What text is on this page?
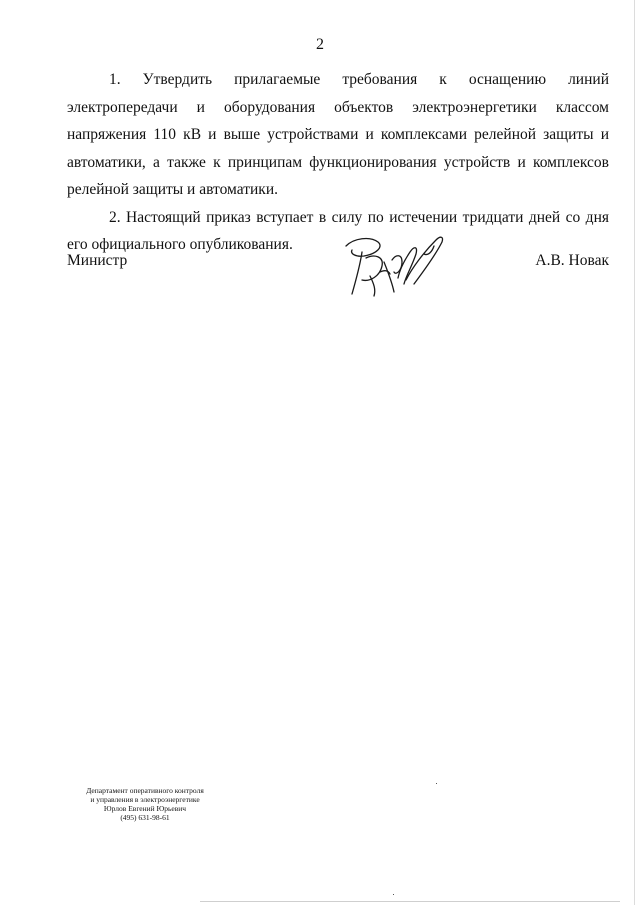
2

1. Утвердить прилагаемые требования к оснащению линий электропередачи и оборудования объектов электроэнергетики классом напряжения 110 кВ и выше устройствами и комплексами релейной защиты и автоматики, а также к принципам функционирования устройств и комплексов релейной защиты и автоматики.

2. Настоящий приказ вступает в силу по истечении тридцати дней со дня его официального опубликования.

Министр	А.В. Новак
Департамент оперативного контроля
и управления в электроэнергетике
Юрлов Евгений Юрьевич
(495) 631-98-61
